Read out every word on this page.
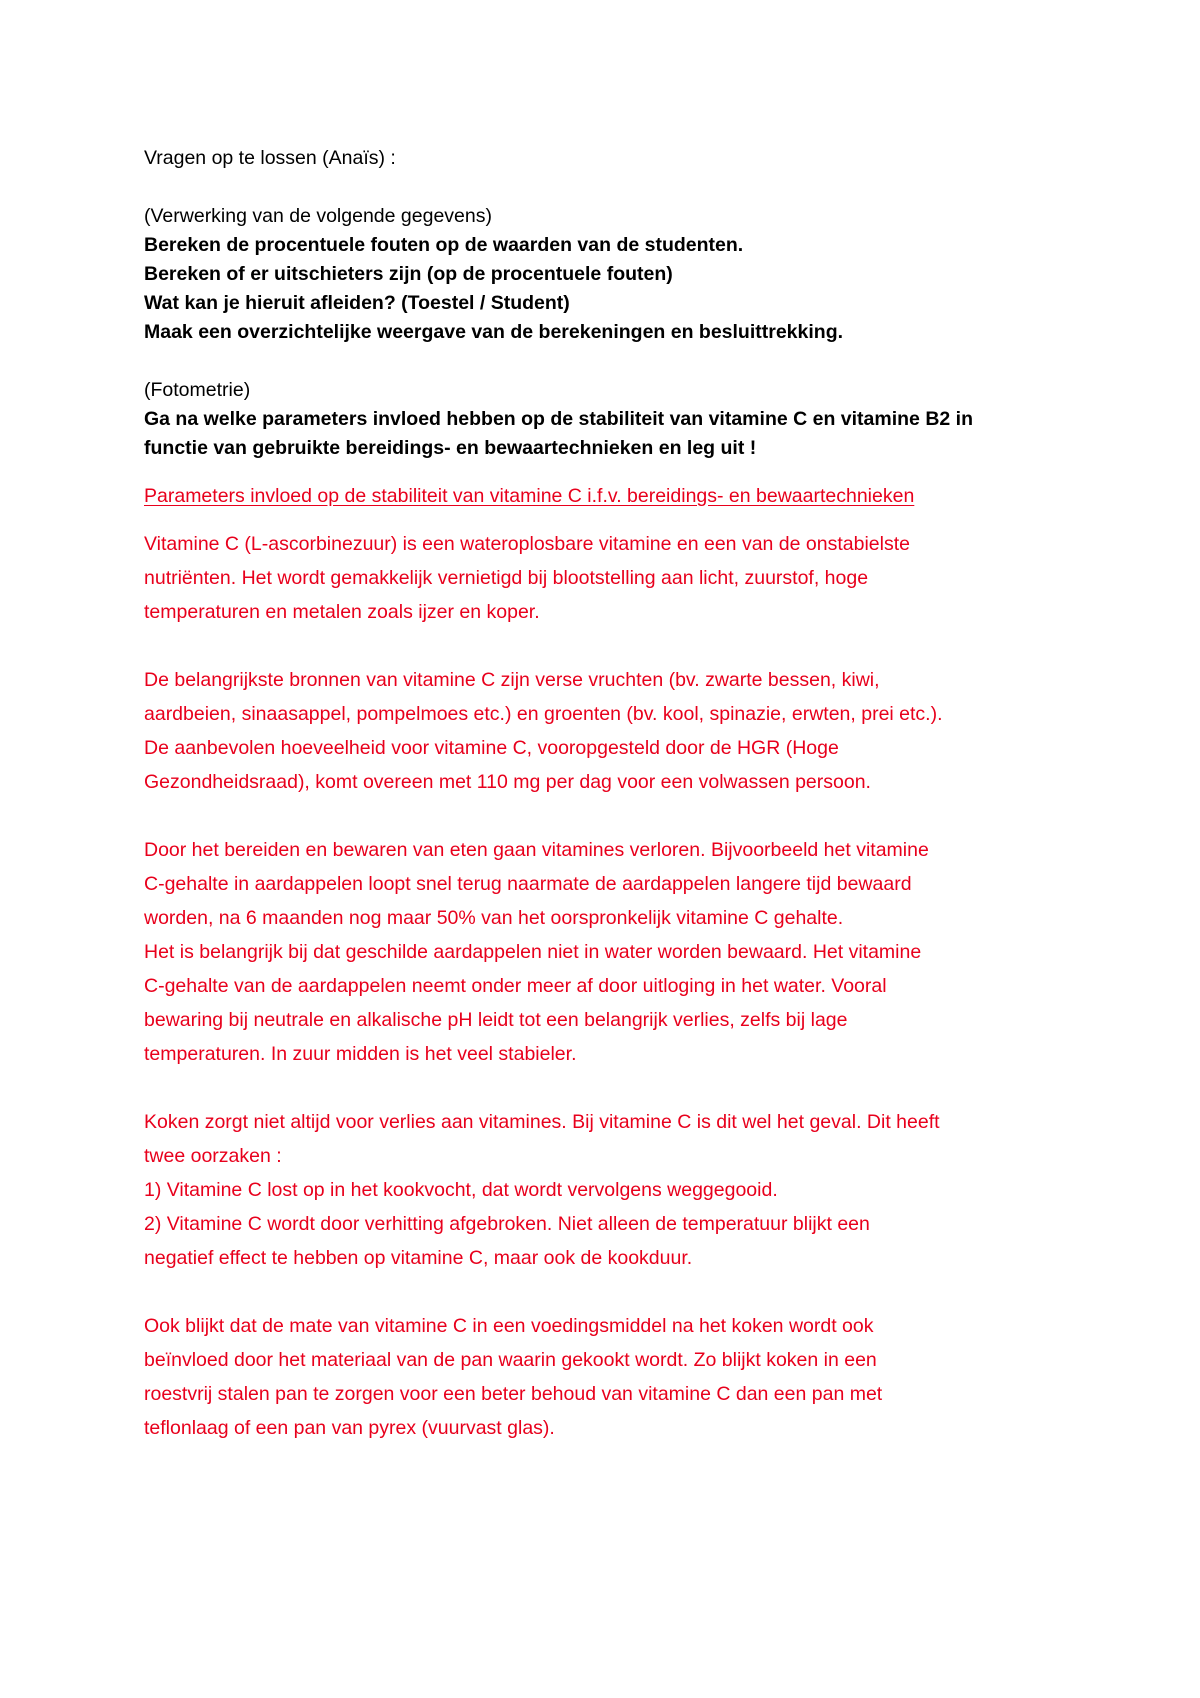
Vragen op te lossen (Anaïs) :

(Verwerking van de volgende gegevens)

Bereken de procentuele fouten op de waarden van de studenten.

Bereken of er uitschieters zijn (op de procentuele fouten)

Wat kan je hieruit afleiden? (Toestel / Student)

Maak een overzichtelijke weergave van de berekeningen en besluittrekking.

(Fotometrie)

Ga na welke parameters invloed hebben op de stabiliteit van vitamine C en vitamine B2 in

functie van gebruikte bereidings- en bewaartechnieken en leg uit !

Parameters invloed op de stabiliteit van vitamine C i.f.v. bereidings- en bewaartechnieken

Vitamine C (L-ascorbinezuur) is een wateroplosbare vitamine en een van de onstabielste
nutriënten. Het wordt gemakkelijk vernietigd bij blootstelling aan licht, zuurstof, hoge
temperaturen en metalen zoals ijzer en koper.
De belangrijkste bronnen van vitamine C zijn verse vruchten (bv. zwarte bessen, kiwi,
aardbeien, sinaasappel, pompelmoes etc.) en groenten (bv. kool, spinazie, erwten, prei etc.).
De aanbevolen hoeveelheid voor vitamine C, vooropgesteld door de HGR (Hoge
Gezondheidsraad), komt overeen met 110 mg per dag voor een volwassen persoon.
Door het bereiden en bewaren van eten gaan vitamines verloren. Bijvoorbeeld het vitamine
C-gehalte in aardappelen loopt snel terug naarmate de aardappelen langere tijd bewaard
worden, na 6 maanden nog maar 50% van het oorspronkelijk vitamine C gehalte.
Het is belangrijk bij dat geschilde aardappelen niet in water worden bewaard. Het vitamine
C-gehalte van de aardappelen neemt onder meer af door uitloging in het water. Vooral
bewaring bij neutrale en alkalische pH leidt tot een belangrijk verlies, zelfs bij lage
temperaturen. In zuur midden is het veel stabieler.
Koken zorgt niet altijd voor verlies aan vitamines. Bij vitamine C is dit wel het geval. Dit heeft
twee oorzaken :
1) Vitamine C lost op in het kookvocht, dat wordt vervolgens weggegooid.
2) Vitamine C wordt door verhitting afgebroken. Niet alleen de temperatuur blijkt een
negatief effect te hebben op vitamine C, maar ook de kookduur.
Ook blijkt dat de mate van vitamine C in een voedingsmiddel na het koken wordt ook
beïnvloed door het materiaal van de pan waarin gekookt wordt. Zo blijkt koken in een
roestvrij stalen pan te zorgen voor een beter behoud van vitamine C dan een pan met
teflonlaag of een pan van pyrex (vuurvast glas).
